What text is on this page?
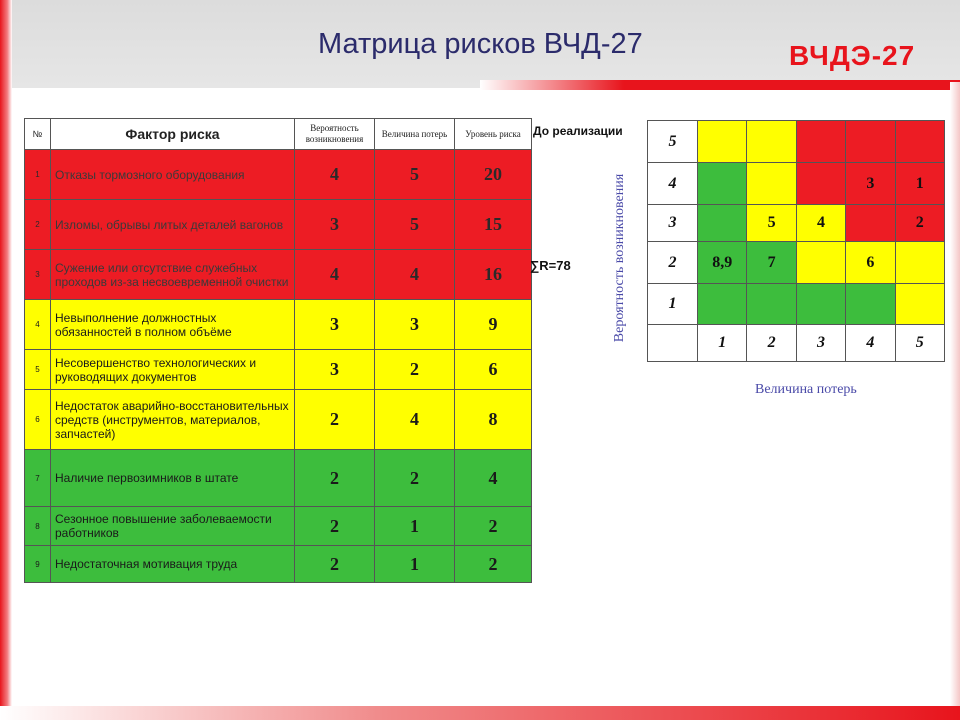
Матрица рисков ВЧД-27	ВЧДЭ-27
№	Фактор риска	Вероятность возникновения	Величина потерь	Уровень риска
1	Отказы тормозного оборудования	4	5	20
2	Изломы, обрывы литых деталей вагонов	3	5	15
3	Сужение или отсутствие служебных проходов из-за несвоевременной очистки	4	4	16
4	Невыполнение должностных обязанностей в полном объёме	3	3	9
5	Несовершенство технологических и руководящих документов	3	2	6
6	Недостаток аварийно-восстановительных средств (инструментов, материалов, запчастей)	2	4	8
7	Наличие первозимников в штате	2	2	4
8	Сезонное повышение заболеваемости работников	2	1	2
9	Недостаточная мотивация труда	2	1	2
До реализации
∑R=78	Вероятность возникновения
Величина потерь
5					
4				3	1
3		5	4		2
2	8,9	7		6	
1					
	1	2	3	4	5
